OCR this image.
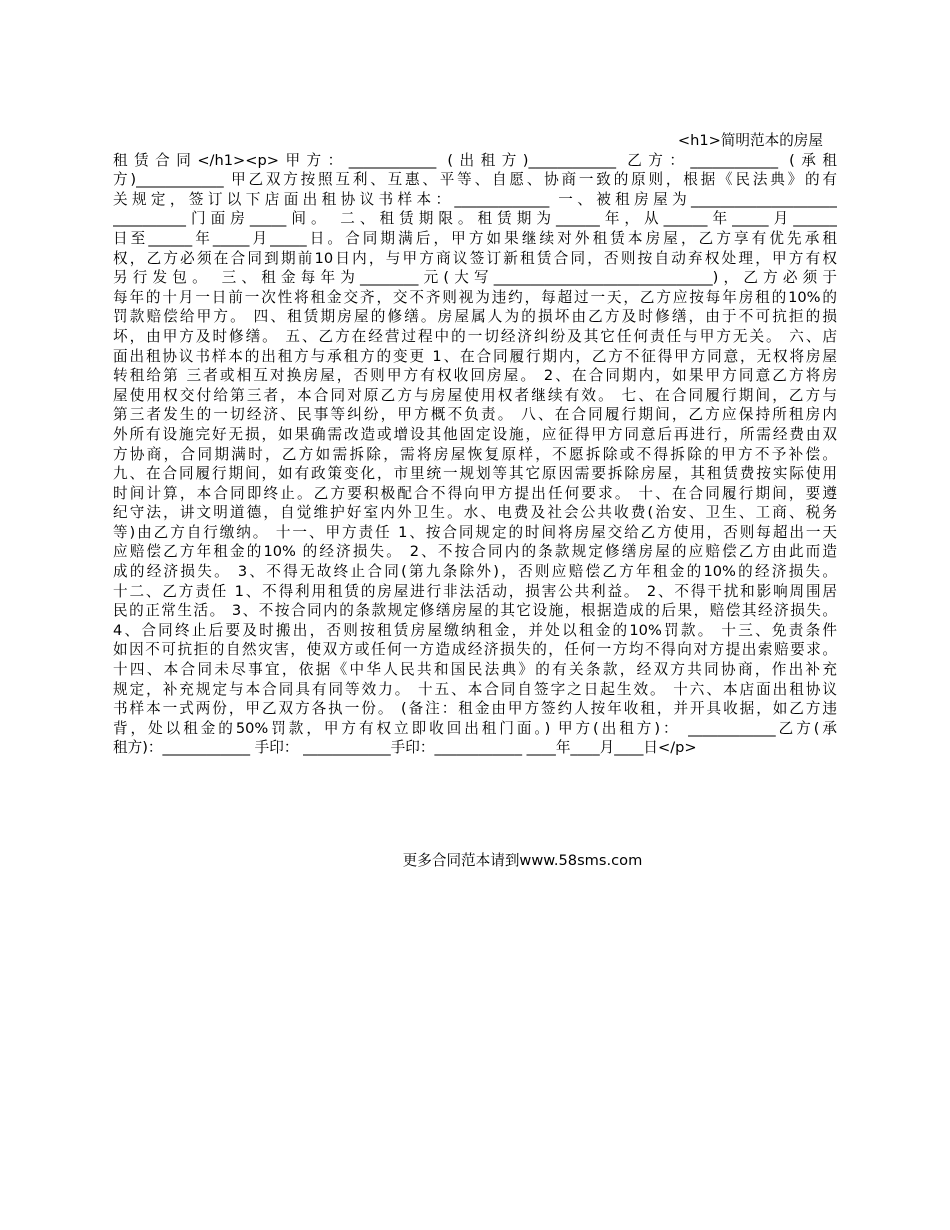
<h1>简明范本的房屋
租赁合同</h1><p>甲方：____________ (出租方)____________ 乙方：____________ (承租
方)____________ 甲乙双方按照互利、互惠、平等、自愿、协商一致的原则，根据《民法典》的有
关规定，签订以下店面出租协议书样本：_____________ 一、被租房屋为____________________
__________门面房_____间。 二、租赁期限。租赁期为______年，从______年_____月______
日至______年_____月_____日。合同期满后，甲方如果继续对外租赁本房屋，乙方享有优先承租
权，乙方必须在合同到期前10日内，与甲方商议签订新租赁合同，否则按自动弃权处理，甲方有权
另行发包。 三、租金每年为________元(大写______________________________)，乙方必须于
每年的十月一日前一次性将租金交齐，交不齐则视为违约，每超过一天，乙方应按每年房租的10%的
罚款赔偿给甲方。 四、租赁期房屋的修缮。房屋属人为的损坏由乙方及时修缮，由于不可抗拒的损
坏，由甲方及时修缮。 五、乙方在经营过程中的一切经济纠纷及其它任何责任与甲方无关。 六、店
面出租协议书样本的出租方与承租方的变更 1、在合同履行期内，乙方不征得甲方同意，无权将房屋
转租给第 三者或相互对换房屋，否则甲方有权收回房屋。 2、在合同期内，如果甲方同意乙方将房
屋使用权交付给第三者，本合同对原乙方与房屋使用权者继续有效。 七、在合同履行期间，乙方与
第三者发生的一切经济、民事等纠纷，甲方概不负责。 八、在合同履行期间，乙方应保持所租房内
外所有设施完好无损，如果确需改造或增设其他固定设施，应征得甲方同意后再进行，所需经费由双
方协商，合同期满时，乙方如需拆除，需将房屋恢复原样，不愿拆除或不得拆除的甲方不予补偿。
九、在合同履行期间，如有政策变化，市里统一规划等其它原因需要拆除房屋，其租赁费按实际使用
时间计算，本合同即终止。乙方要积极配合不得向甲方提出任何要求。 十、在合同履行期间，要遵
纪守法，讲文明道德，自觉维护好室内外卫生。水、电费及社会公共收费(治安、卫生、工商、税务
等)由乙方自行缴纳。 十一、甲方责任 1、按合同规定的时间将房屋交给乙方使用，否则每超出一天
应赔偿乙方年租金的10% 的经济损失。 2、不按合同内的条款规定修缮房屋的应赔偿乙方由此而造
成的经济损失。 3、不得无故终止合同(第九条除外)，否则应赔偿乙方年租金的10%的经济损失。
十二、乙方责任 1、不得利用租赁的房屋进行非法活动，损害公共利益。 2、不得干扰和影响周围居
民的正常生活。 3、不按合同内的条款规定修缮房屋的其它设施，根据造成的后果，赔偿其经济损失。
4、合同终止后要及时搬出，否则按租赁房屋缴纳租金，并处以租金的10%罚款。 十三、免责条件
如因不可抗拒的自然灾害，使双方或任何一方造成经济损失的，任何一方均不得向对方提出索赔要求。
十四、本合同未尽事宜，依据《中华人民共和国民法典》的有关条款，经双方共同协商，作出补充
规定，补充规定与本合同具有同等效力。 十五、本合同自签字之日起生效。 十六、本店面出租协议
书样本一式两份，甲乙双方各执一份。 (备注：租金由甲方签约人按年收租，并开具收据，如乙方违
背，处以租金的50%罚款，甲方有权立即收回出租门面。) 甲方(出租方)： ____________乙方(承
租方)：____________ 手印： ____________手印：____________ ____年____月____日</p>
更多合同范本请到www.58sms.com
